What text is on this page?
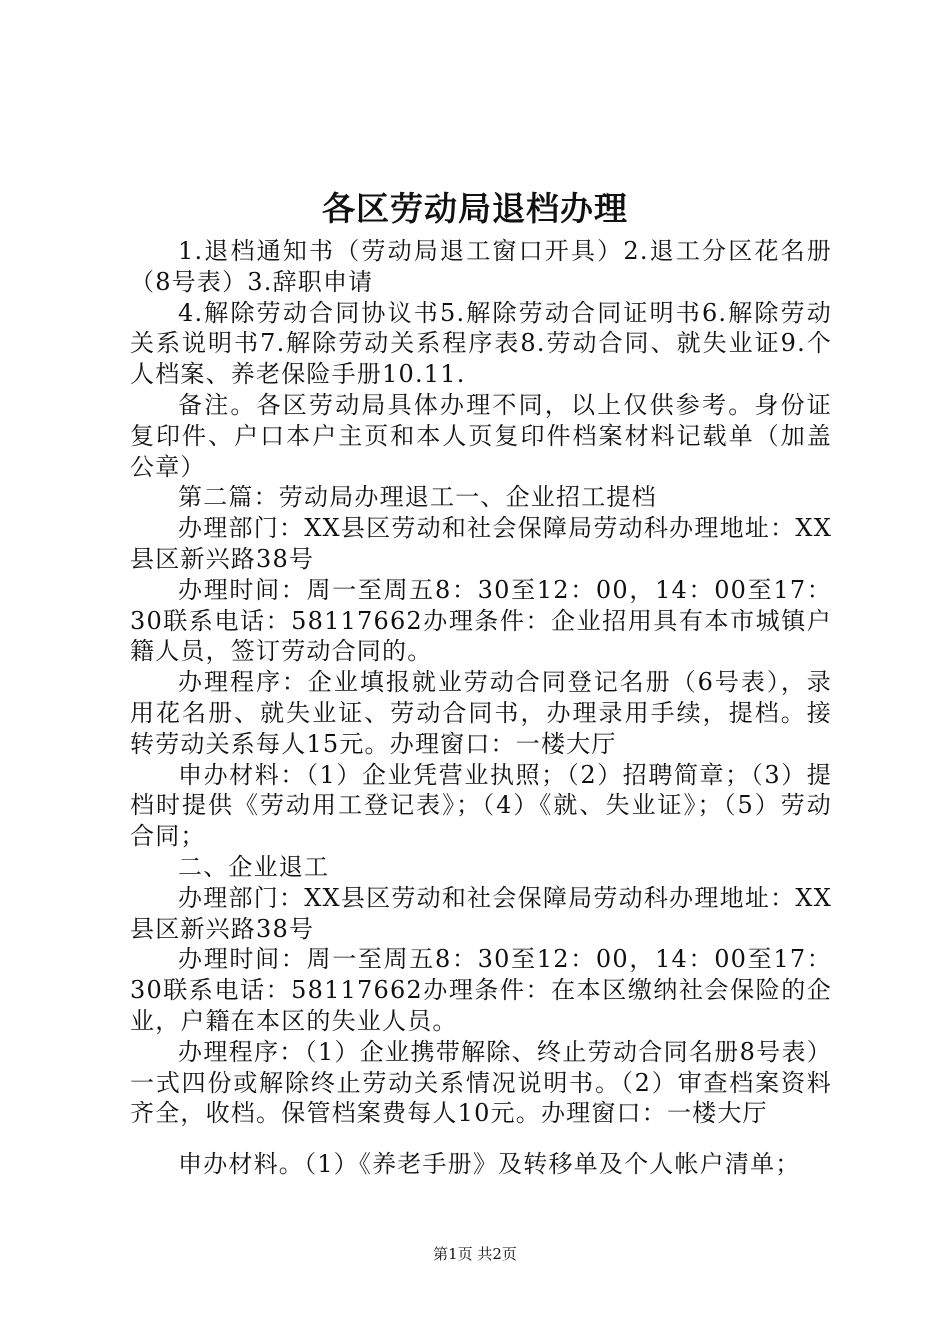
各区劳动局退档办理

1.退档通知书（劳动局退工窗口开具）2.退工分区花名册（8号表）3.辞职申请

4.解除劳动合同协议书5.解除劳动合同证明书6.解除劳动关系说明书7.解除劳动关系程序表8.劳动合同、就失业证9.个人档案、养老保险手册10.11.

备注。各区劳动局具体办理不同，以上仅供参考。身份证复印件、户口本户主页和本人页复印件档案材料记载单（加盖公章）

第二篇：劳动局办理退工一、企业招工提档

办理部门：XX县区劳动和社会保障局劳动科办理地址：XX县区新兴路38号

办理时间：周一至周五8：30至12：00，14：00至17：30联系电话：58117662办理条件：企业招用具有本市城镇户籍人员，签订劳动合同的。

办理程序：企业填报就业劳动合同登记名册（6号表），录用花名册、就失业证、劳动合同书，办理录用手续，提档。接转劳动关系每人15元。办理窗口：一楼大厅

申办材料：（1）企业凭营业执照；（2）招聘简章；（3）提档时提供《劳动用工登记表》；（4）《就、失业证》；（5）劳动合同；

二、企业退工

办理部门：XX县区劳动和社会保障局劳动科办理地址：XX县区新兴路38号

办理时间：周一至周五8：30至12：00，14：00至17：30联系电话：58117662办理条件：在本区缴纳社会保险的企业，户籍在本区的失业人员。

办理程序：（1）企业携带解除、终止劳动合同名册8号表）一式四份或解除终止劳动关系情况说明书。（2）审查档案资料齐全，收档。保管档案费每人10元。办理窗口：一楼大厅

申办材料。（1）《养老手册》及转移单及个人帐户清单；

第1页 共2页
